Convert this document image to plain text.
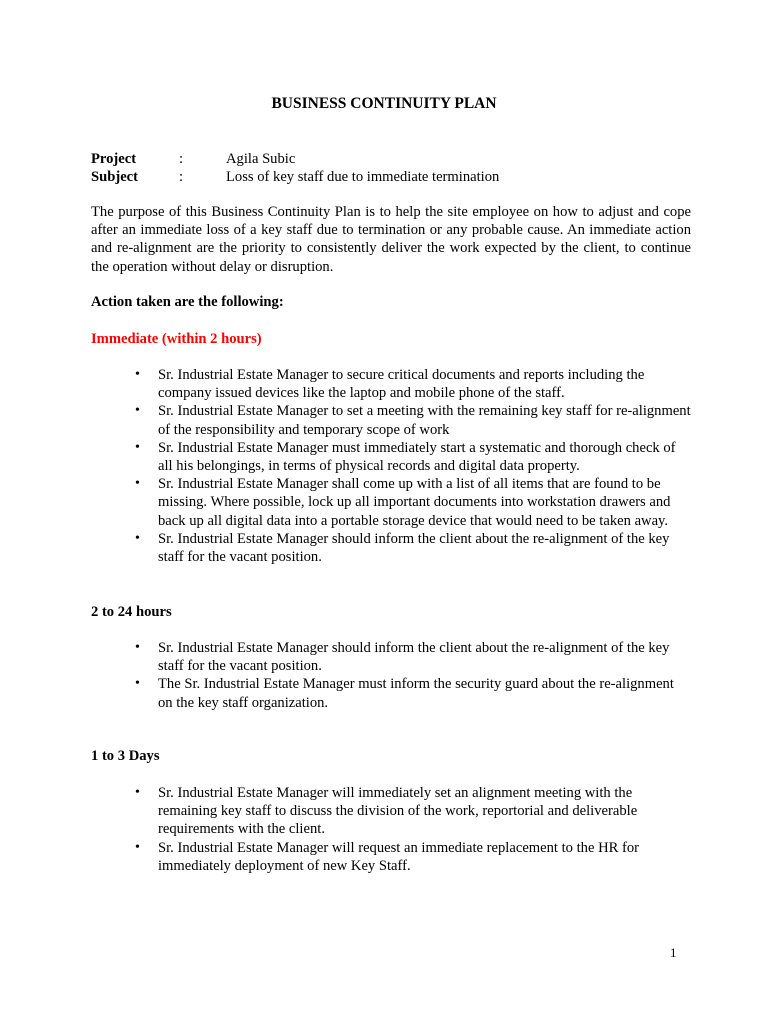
BUSINESS CONTINUITY PLAN
Project	:	Agila Subic
Subject	:	Loss of key staff due to immediate termination

The purpose of this Business Continuity Plan is to help the site employee on how to adjust and cope after an immediate loss of a key staff due to termination or any probable cause. An immediate action and re-alignment are the priority to consistently deliver the work expected by the client, to continue the operation without delay or disruption.

Action taken are the following:

Immediate (within 2 hours)

• Sr. Industrial Estate Manager to secure critical documents and reports including the company issued devices like the laptop and mobile phone of the staff.
• Sr. Industrial Estate Manager to set a meeting with the remaining key staff for re-alignment of the responsibility and temporary scope of work
• Sr. Industrial Estate Manager must immediately start a systematic and thorough check of all his belongings, in terms of physical records and digital data property.
• Sr. Industrial Estate Manager shall come up with a list of all items that are found to be missing. Where possible, lock up all important documents into workstation drawers and back up all digital data into a portable storage device that would need to be taken away.
• Sr. Industrial Estate Manager should inform the client about the re-alignment of the key staff for the vacant position.

2 to 24 hours

• Sr. Industrial Estate Manager should inform the client about the re-alignment of the key staff for the vacant position.
• The Sr. Industrial Estate Manager must inform the security guard about the re-alignment on the key staff organization.

1 to 3 Days

• Sr. Industrial Estate Manager will immediately set an alignment meeting with the remaining key staff to discuss the division of the work, reportorial and deliverable requirements with the client.
• Sr. Industrial Estate Manager will request an immediate replacement to the HR for immediately deployment of new Key Staff.
1
